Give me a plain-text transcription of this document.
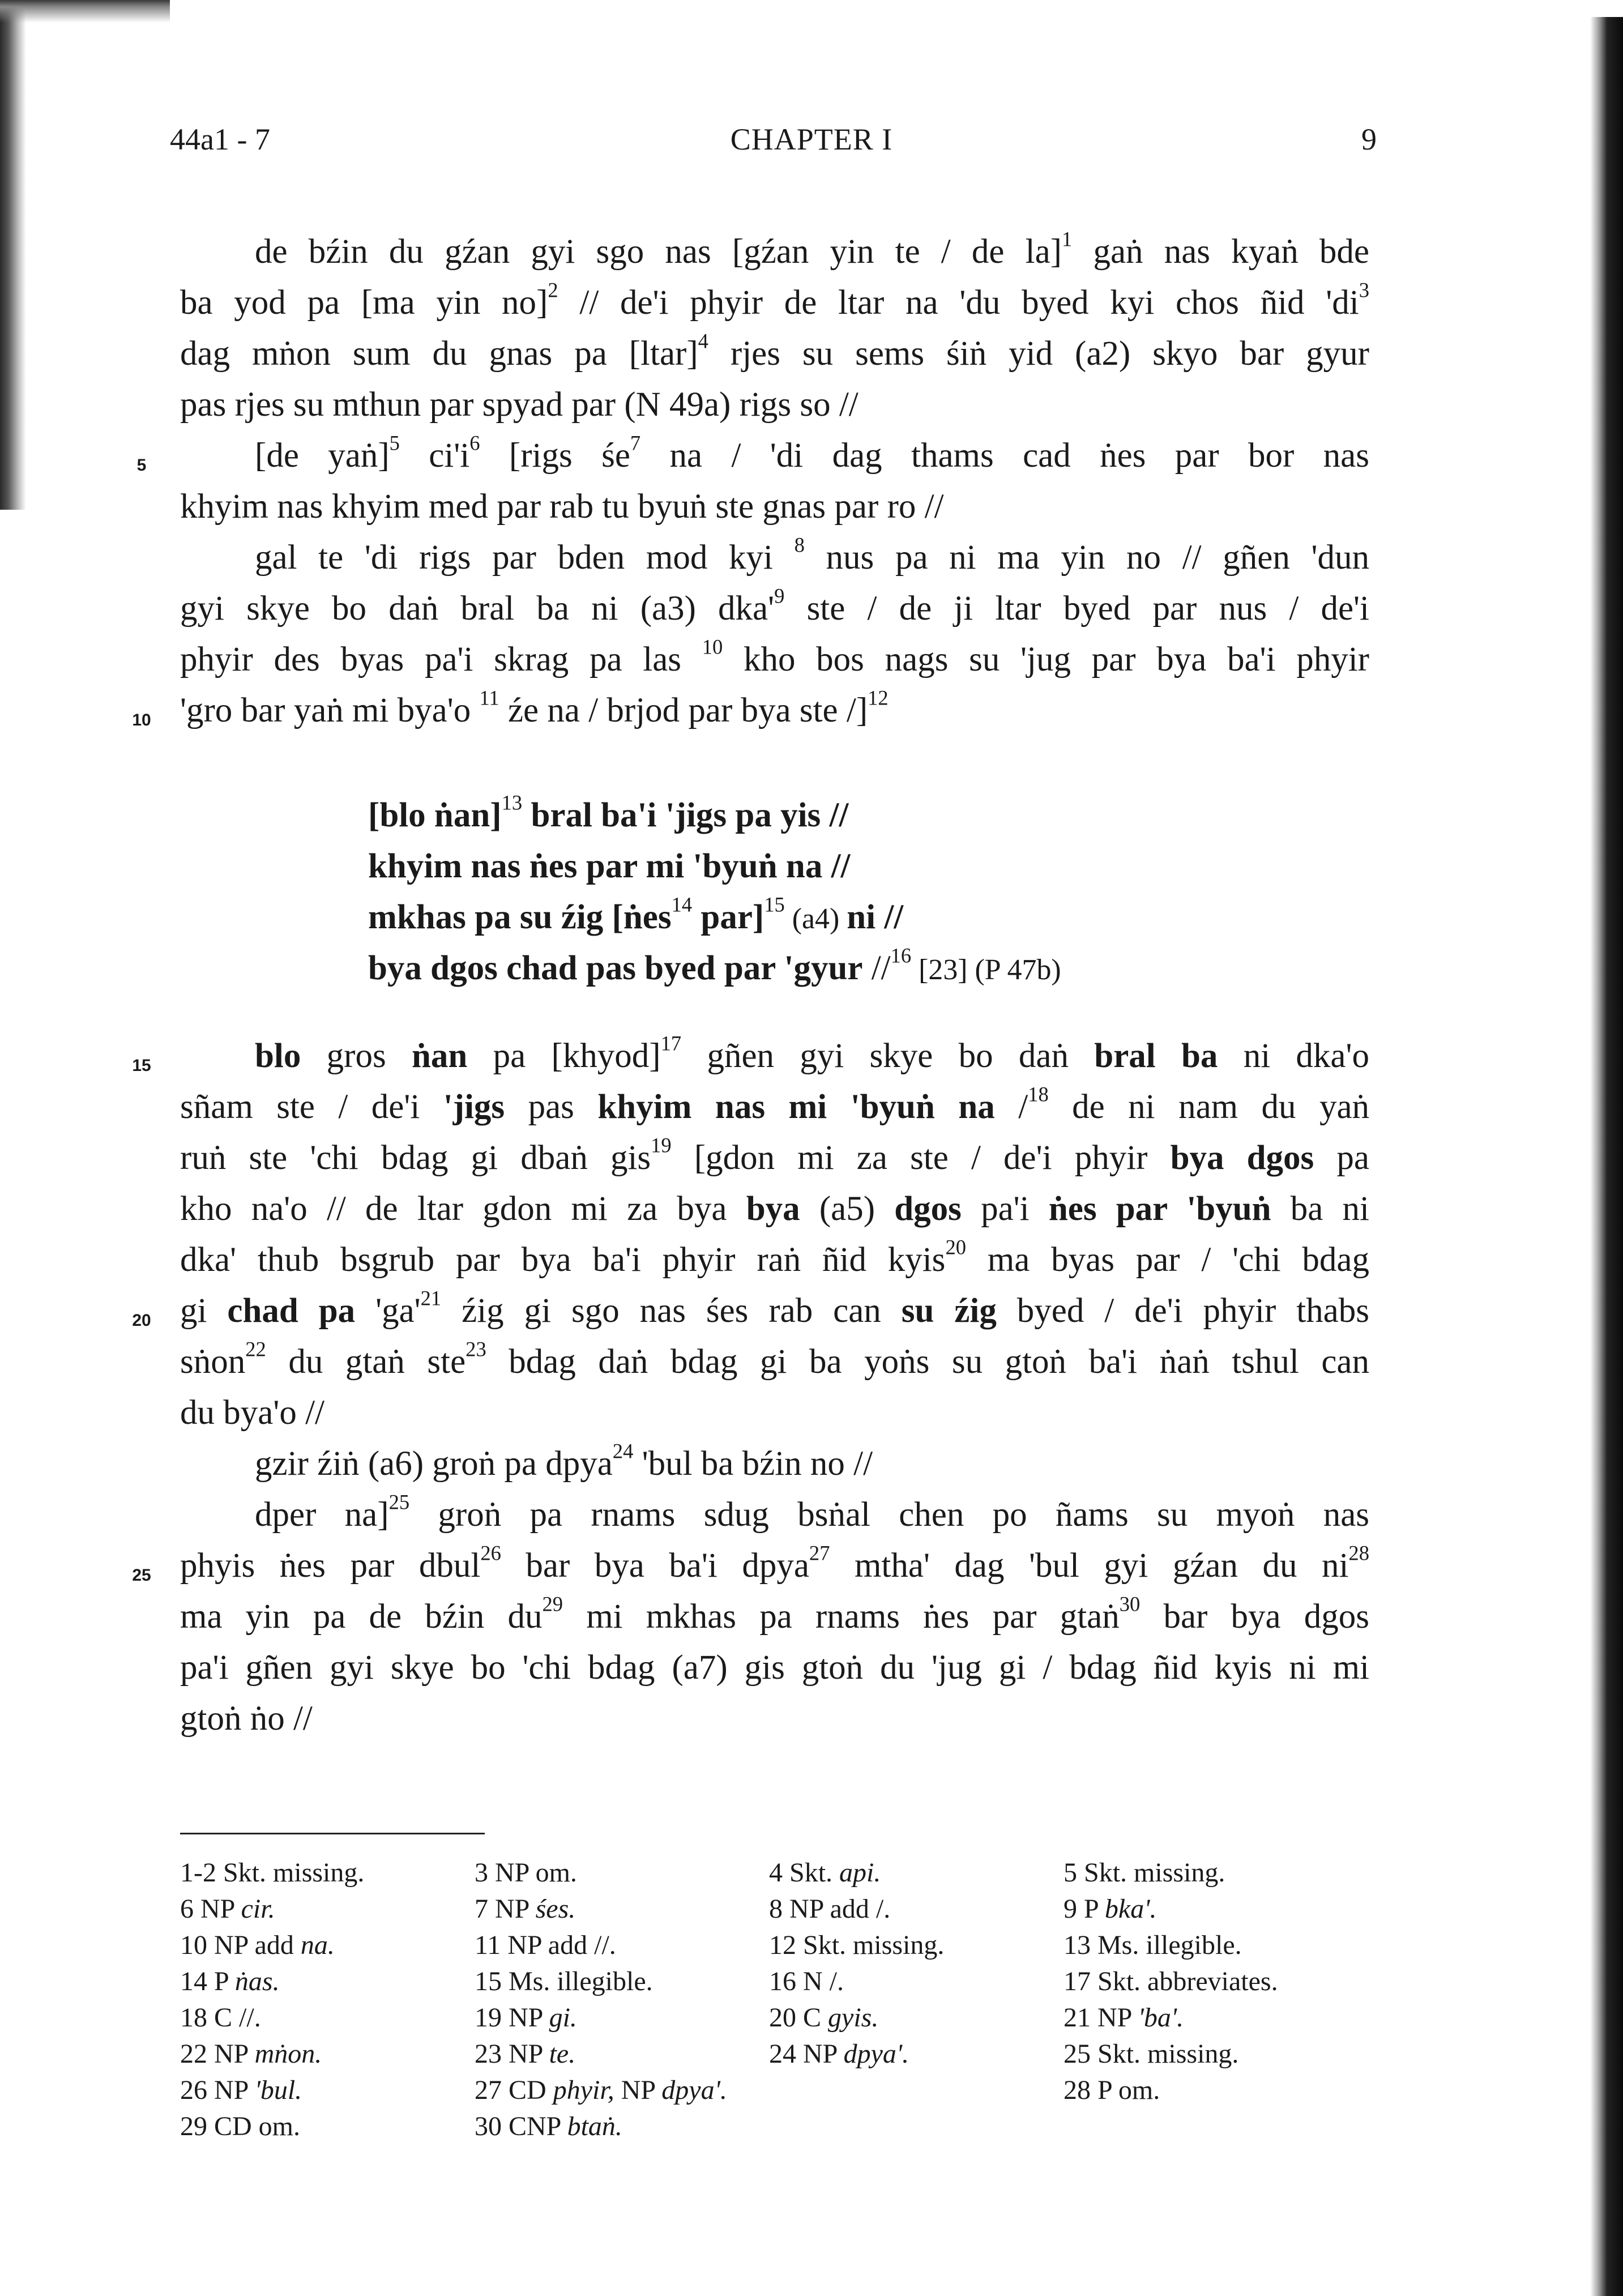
44a1 - 7	CHAPTER I	9
5
10
15
20
25
de bźin du gźan gyi sgo nas [gźan yin te / de la]$^1$ gaṅ nas kyaṅ bde
ba yod pa [ma yin no]$^2$ // de'i phyir de ltar na 'du byed kyi chos ñid '$di^3$
dag mṅon sum du gnas pa [ltar]$^4$ rjes su sems śiṅ yid (a2) skyo bar gyur
pas rjes su mthun par spyad par (N 49a) rigs so //
[de yaṅ]$^5$ $ci'i^6$ [rigs $śe^7$ na / 'di dag thams cad ṅes par bor nas
khyim nas khyim med par rab tu byuṅ ste gnas par ro //
gal te 'di rigs par bden mod kyi $^8$ nus pa ni ma yin no // gñen 'dun
gyi skye bo daṅ bral ba ni (a3) $dka'^9$ ste / de ji ltar byed par nus / de'i
phyir des byas pa'i skrag pa las $^{10}$ kho bos nags su 'jug par bya ba'i phyir
'gro bar yaṅ mi bya'o $^{11}$ źe na / brjod par bya ste /]$^{12}$
[blo ṅan]$^{13}$ bral ba'i 'jigs pa yis //
khyim nas ṅes par mi 'byuṅ na //
mkhas pa su źig [ṅes$^{14}$ par]$^{15}$ (a4) ni //
bya dgos chad pas byed par 'gyur //$^{16}$ [23] (P 47b)
blo gros ṅan pa [khyod]$^{17}$ gñen gyi skye bo daṅ bral ba ni dka'o
sñam ste / de'i 'jigs pas khyim nas mi 'byuṅ na /$^{18}$ de ni nam du yaṅ
ruṅ ste 'chi bdag gi dbaṅ gis$^{19}$ [gdon mi za ste / de'i phyir bya dgos pa
kho na'o // de ltar gdon mi za bya bya (a5) dgos pa'i ṅes par 'byuṅ ba ni
dka' thub bsgrub par bya ba'i phyir raṅ ñid kyis$^{20}$ ma byas par / 'chi bdag
gi chad pa '$ga'^{21}$ źig gi sgo nas śes rab can su źig byed / de'i phyir thabs
sṅon$^{22}$ du gtaṅ ste$^{23}$ bdag daṅ bdag gi ba yoṅs su gtoṅ ba'i ṅaṅ tshul can
du bya'o //
gzir źiṅ (a6) groṅ pa dpya$^{24}$ 'bul ba bźin no //
dper na]$^{25}$ groṅ pa rnams sdug bsṅal chen po ñams su myoṅ nas
phyis ṅes par dbul$^{26}$ bar bya ba'i dpya$^{27}$ mtha' dag 'bul gyi gźan du $ni^{28}$
ma yin pa de bźin $du^{29}$ mi mkhas pa rnams ṅes par gtaṅ$^{30}$ bar bya dgos
pa'i gñen gyi skye bo 'chi bdag (a7) gis gtoṅ du 'jug gi / bdag ñid kyis ni mi
gtoṅ ṅo //
1-2 Skt. missing.	3 NP om.	4 Skt. api.	5 Skt. missing.
6 NP cir.	7 NP śes.	8 NP add /.	9 P bka'.
10 NP add na.	11 NP add //.	12 Skt. missing.	13 Ms. illegible.
14 P ṅas.	15 Ms. illegible.	16 N /.	17 Skt. abbreviates.
18 C //.	19 NP gi.	20 C gyis.	21 NP 'ba'.
22 NP mṅon.	23 NP te.	24 NP dpya'.	25 Skt. missing.
26 NP 'bul.	27 CD phyir, NP dpya'.	28 P om.
29 CD om.	30 CNP btaṅ.
